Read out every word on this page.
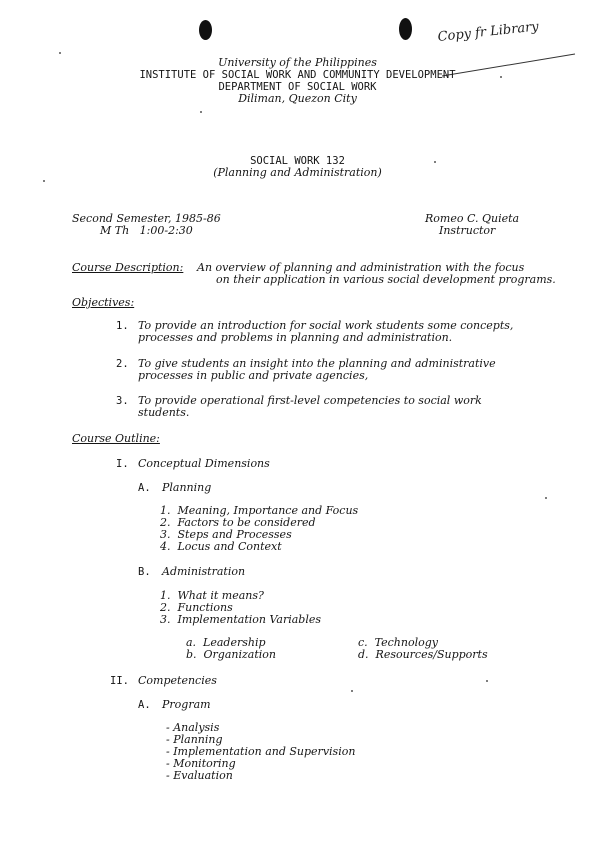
Copy fr Library
University of the Philippines
INSTITUTE OF SOCIAL WORK AND COMMUNITY DEVELOPMENT
DEPARTMENT OF SOCIAL WORK
Diliman, Quezon City
SOCIAL WORK 132
(Planning and Administration)
Second Semester, 1985-86
M Th   1:00-2:30
Romeo C. Quieta
Instructor
Course Description: An overview of planning and administration with the focus
on their application in various social development programs.
Objectives:
1. To provide an introduction for social work students some concepts,
processes and problems in planning and administration.
2. To give students an insight into the planning and administrative
processes in public and private agencies,
3. To provide operational first-level competencies to social work
students.
Course Outline:
I. Conceptual Dimensions
A. Planning
1.  Meaning, Importance and Focus
2.  Factors to be considered
3.  Steps and Processes
4.  Locus and Context
B. Administration
1.  What it means?
2.  Functions
3.  Implementation Variables
a.  Leadership
b.  Organization
c.  Technology
d.  Resources/Supports
II. Competencies
A. Program
- Analysis
- Planning
- Implementation and Supervision
- Monitoring
- Evaluation
